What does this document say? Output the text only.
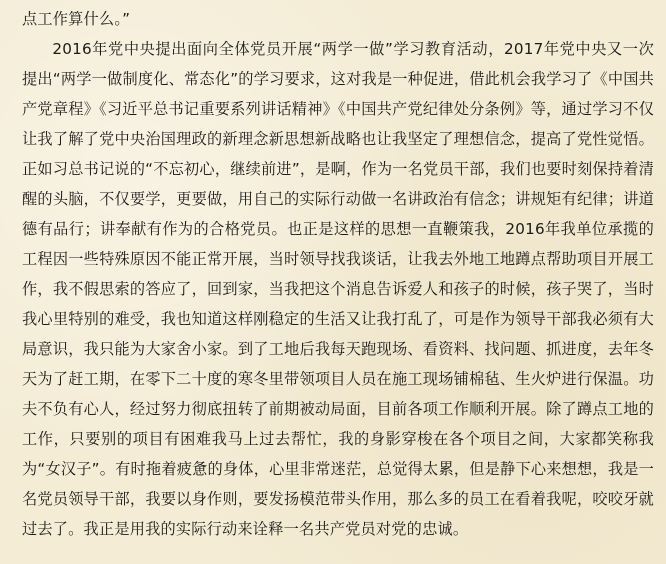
点工作算什么。”

2016年党中央提出面向全体党员开展“两学一做”学习教育活动，2017年党中央又一次提出“两学一做制度化、常态化”的学习要求，这对我是一种促进，借此机会我学习了《中国共产党章程》《习近平总书记重要系列讲话精神》《中国共产党纪律处分条例》等，通过学习不仅让我了解了党中央治国理政的新理念新思想新战略也让我坚定了理想信念，提高了党性觉悟。正如习总书记说的“不忘初心，继续前进”，是啊，作为一名党员干部，我们也要时刻保持着清醒的头脑，不仅要学，更要做，用自己的实际行动做一名讲政治有信念；讲规矩有纪律；讲道德有品行；讲奉献有作为的合格党员。也正是这样的思想一直鞭策我，2016年我单位承揽的工程因一些特殊原因不能正常开展，当时领导找我谈话，让我去外地工地蹲点帮助项目开展工作，我不假思索的答应了，回到家，当我把这个消息告诉爱人和孩子的时候，孩子哭了，当时我心里特别的难受，我也知道这样刚稳定的生活又让我打乱了，可是作为领导干部我必须有大局意识，我只能为大家舍小家。到了工地后我每天跑现场、看资料、找问题、抓进度，去年冬天为了赶工期，在零下二十度的寒冬里带领项目人员在施工现场铺棉毡、生火炉进行保温。功夫不负有心人，经过努力彻底扭转了前期被动局面，目前各项工作顺利开展。除了蹲点工地的工作，只要别的项目有困难我马上过去帮忙，我的身影穿梭在各个项目之间，大家都笑称我为“女汉子”。有时拖着疲惫的身体，心里非常迷茫，总觉得太累，但是静下心来想想，我是一名党员领导干部，我要以身作则，要发扬模范带头作用，那么多的员工在看着我呢，咬咬牙就过去了。我正是用我的实际行动来诠释一名共产党员对党的忠诚。
